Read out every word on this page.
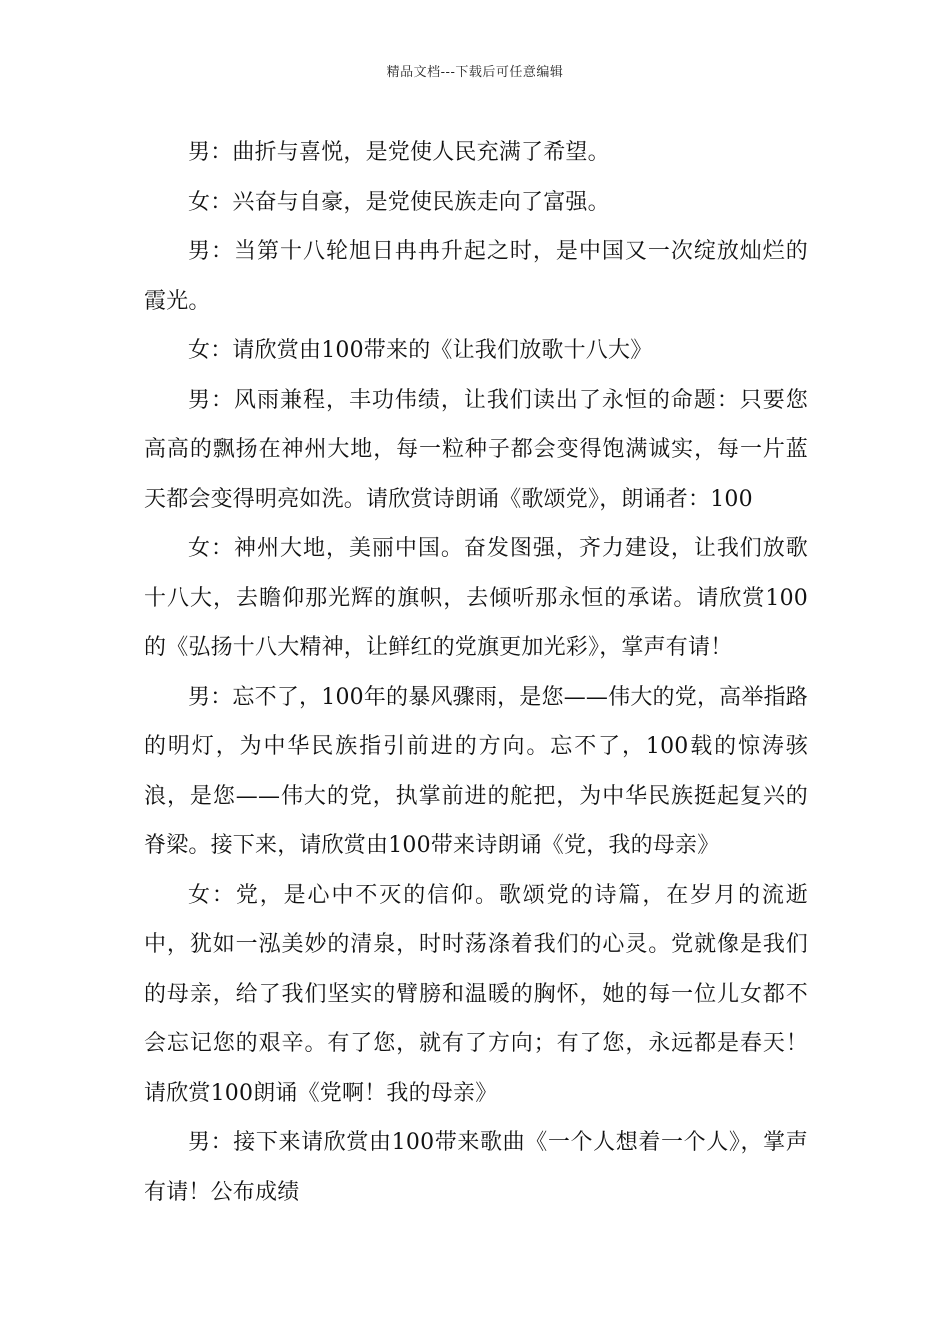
精品文档---下载后可任意编辑

男：曲折与喜悦，是党使人民充满了希望。

女：兴奋与自豪，是党使民族走向了富强。

男：当第十八轮旭日冉冉升起之时，是中国又一次绽放灿烂的霞光。

女：请欣赏由100带来的《让我们放歌十八大》

男：风雨兼程，丰功伟绩，让我们读出了永恒的命题：只要您高高的飘扬在神州大地，每一粒种子都会变得饱满诚实，每一片蓝天都会变得明亮如洗。请欣赏诗朗诵《歌颂党》，朗诵者：100

女：神州大地，美丽中国。奋发图强，齐力建设，让我们放歌十八大，去瞻仰那光辉的旗帜，去倾听那永恒的承诺。请欣赏100的《弘扬十八大精神，让鲜红的党旗更加光彩》，掌声有请！

男：忘不了，100年的暴风骤雨，是您——伟大的党，高举指路的明灯，为中华民族指引前进的方向。忘不了，100载的惊涛骇浪，是您——伟大的党，执掌前进的舵把，为中华民族挺起复兴的脊梁。接下来，请欣赏由100带来诗朗诵《党，我的母亲》

女：党，是心中不灭的信仰。歌颂党的诗篇，在岁月的流逝中，犹如一泓美妙的清泉，时时荡涤着我们的心灵。党就像是我们的母亲，给了我们坚实的臂膀和温暖的胸怀，她的每一位儿女都不会忘记您的艰辛。有了您，就有了方向；有了您，永远都是春天！请欣赏100朗诵《党啊！我的母亲》

男：接下来请欣赏由100带来歌曲《一个人想着一个人》，掌声有请！公布成绩
